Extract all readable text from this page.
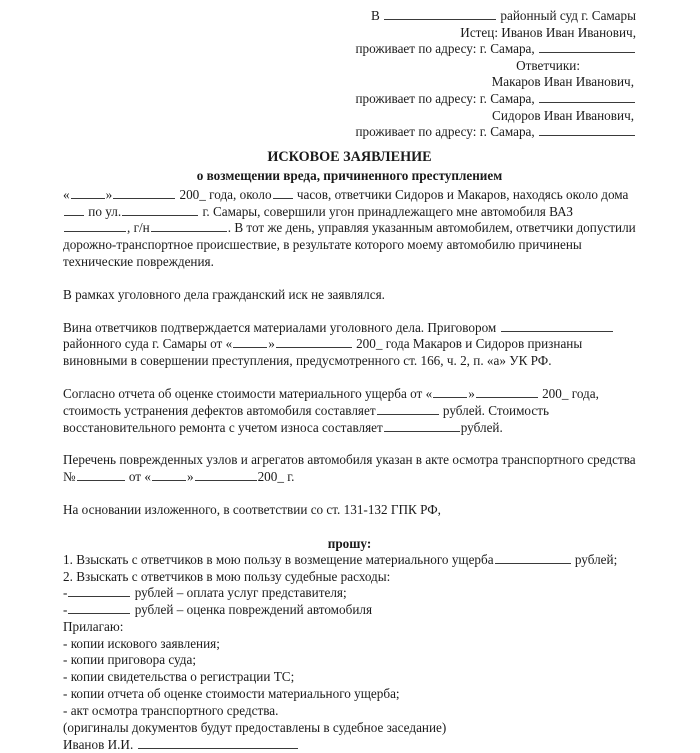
В	районный суд г. Самары
Истец: Иванов Иван Иванович,
проживает по адресу: г. Самара,
Ответчики:
Макаров Иван Иванович,
проживает по адресу: г. Самара,
Сидоров Иван Иванович,
проживает по адресу: г. Самара,
ИСКОВОЕ ЗАЯВЛЕНИЕ
о возмещении вреда, причиненного преступлением

«	»	200_ года, около часов, ответчики Сидоров и Макаров, находясь около дома  по ул.	г. Самары, совершили угон принадлежащего мне автомобиля ВАЗ, г/н	. В тот же день, управляя указанным автомобилем, ответчики допустили дорожно-транспортное происшествие, в результате которого моему автомобилю причинены технические повреждения.

В рамках уголовного дела гражданский иск не заявлялся.

Вина ответчиков подтверждается материалами уголовного дела. Приговором  районного суда г. Самары от «	»	200_ года Макаров и Сидоров признаны виновными в совершении преступления, предусмотренного ст. 166, ч. 2, п. «а» УК РФ.

Согласно отчета об оценке стоимости материального ущерба от «	»	200_ года, стоимость устранения дефектов автомобиля составляет	рублей. Стоимость восстановительного ремонта с учетом износа составляет	рублей.

Перечень поврежденных узлов и агрегатов автомобиля указан в акте осмотра транспортного средства №	от «	»	200_ г.

На основании изложенного, в соответствии со ст. 131-132 ГПК РФ,

прошу:
1. Взыскать с ответчиков в мою пользу в возмещение материального ущерба	рублей;
2. Взыскать с ответчиков в мою пользу судебные расходы:
-	рублей – оплата услуг представителя;
-	рублей – оценка повреждений автомобиля
Прилагаю:
- копии искового заявления;
- копии приговора суда;
- копии свидетельства о регистрации ТС;
- копии отчета об оценке стоимости материального ущерба;
- акт осмотра транспортного средства.
(оригиналы документов будут предоставлены в судебное заседание)
Иванов И.И.
